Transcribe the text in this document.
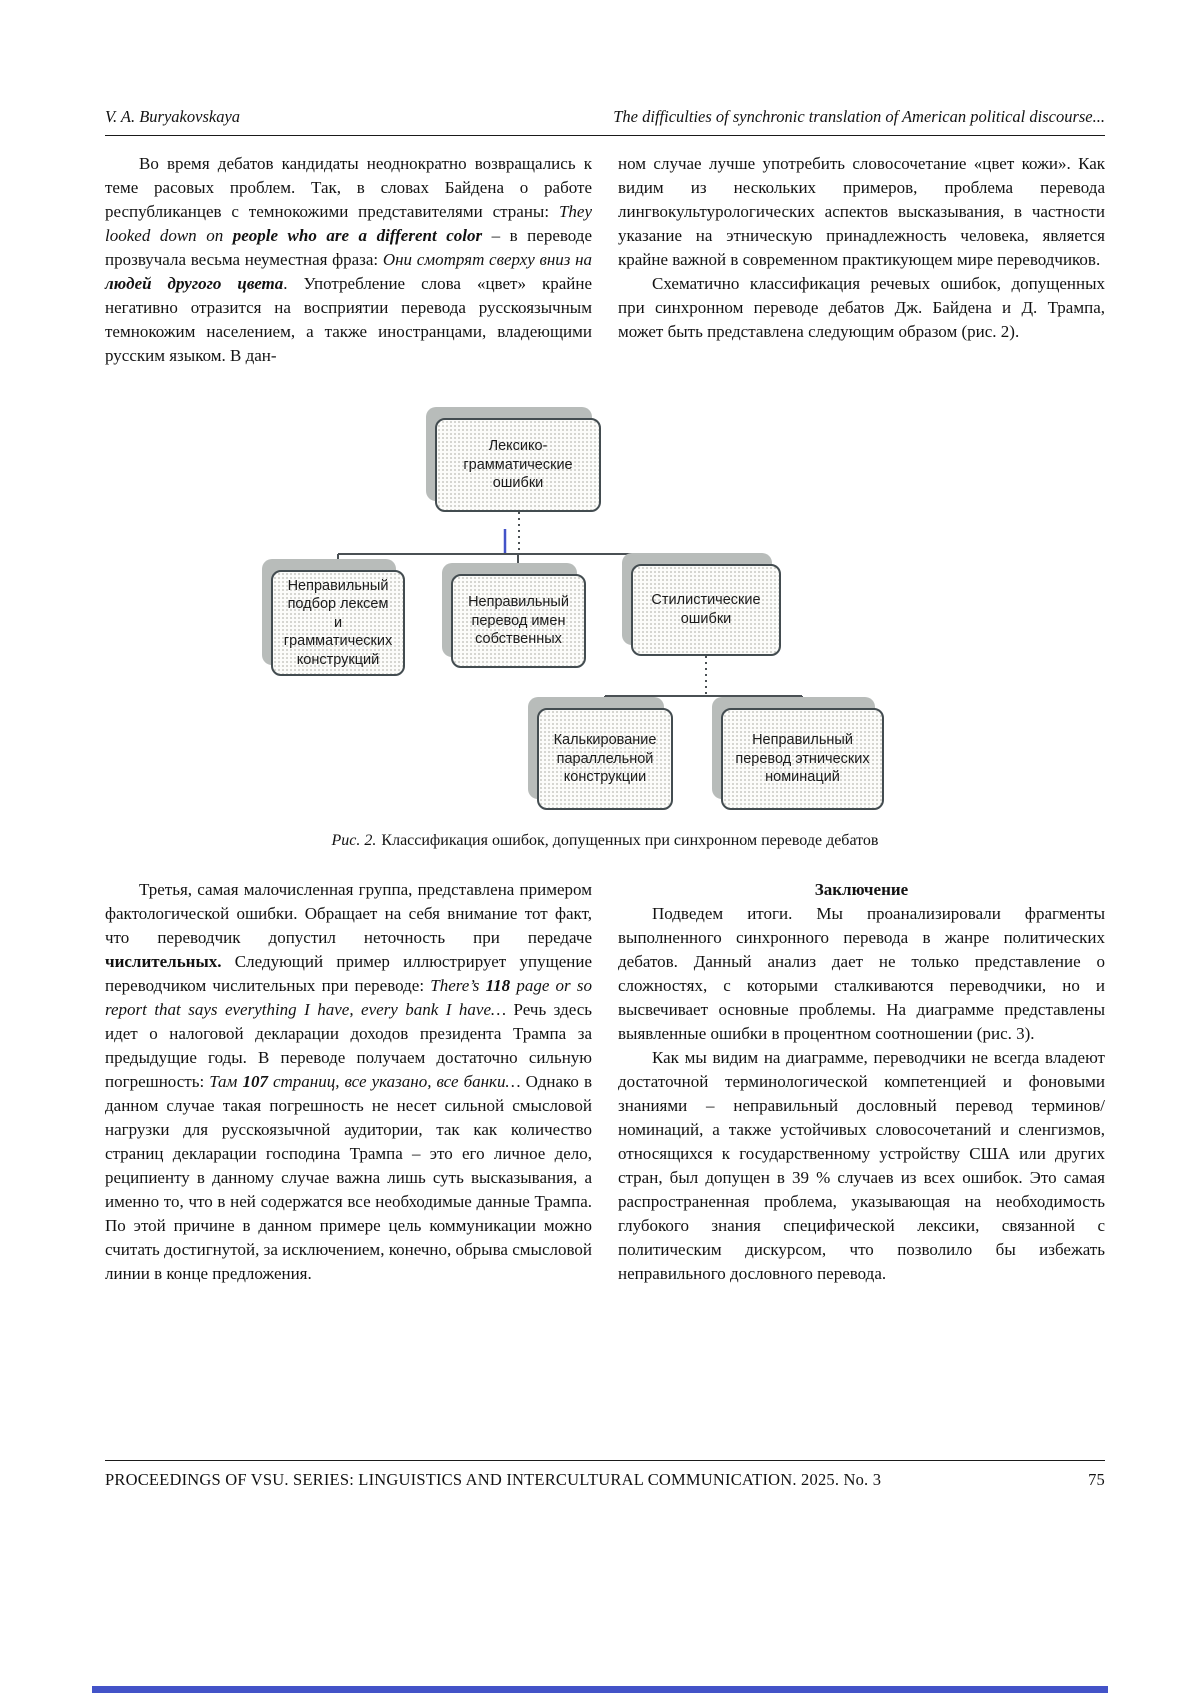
V. A. Buryakovskaya	The difficulties of synchronic translation of American political discourse...

Во время дебатов кандидаты неоднократно возвращались к теме расовых проблем. Так, в словах Байдена о работе республиканцев с темнокожими представителями страны: They looked down on people who are a different color – в переводе прозвучала весьма неуместная фраза: Они смотрят сверху вниз на людей другого цвета. Употребление слова «цвет» крайне негативно отразится на восприятии перевода русскоязычным темнокожим населением, а также иностранцами, владеющими русским языком. В дан-

ном случае лучше употребить словосочетание «цвет кожи». Как видим из нескольких примеров, проблема перевода лингвокультурологических аспектов высказывания, в частности указание на этническую принадлежность человека, является крайне важной в современном практикующем мире переводчиков.

Схематично классификация речевых ошибок, допущенных при синхронном переводе дебатов Дж. Байдена и Д. Трампа, может быть представлена следующим образом (рис. 2).

Лексико-грамматические ошибки
Неправильный подбор лексем и грамматических конструкций
Неправильный перевод имен собственных
Стилистические ошибки
Калькирование параллельной конструкции
Неправильный перевод этнических номинаций
Рис. 2. Классификация ошибок, допущенных при синхронном переводе дебатов

Третья, самая малочисленная группа, представлена примером фактологической ошибки. Обращает на себя внимание тот факт, что переводчик допустил неточность при передаче числительных. Следующий пример иллюстрирует упущение переводчиком числительных при переводе: There’s 118 page or so report that says everything I have, every bank I have… Речь здесь идет о налоговой декларации доходов президента Трампа за предыдущие годы. В переводе получаем достаточно сильную погрешность: Там 107 страниц, все указано, все банки… Однако в данном случае такая погрешность не несет сильной смысловой нагрузки для русскоязычной аудитории, так как количество страниц декларации господина Трампа – это его личное дело, реципиенту в данному случае важна лишь суть высказывания, а именно то, что в ней содержатся все необходимые данные Трампа. По этой причине в данном примере цель коммуникации можно считать достигнутой, за исключением, конечно, обрыва смысловой линии в конце предложения.

Заключение

Подведем итоги. Мы проанализировали фрагменты выполненного синхронного перевода в жанре политических дебатов. Данный анализ дает не только представление о сложностях, с которыми сталкиваются переводчики, но и высвечивает основные проблемы. На диаграмме представлены выявленные ошибки в процентном соотношении (рис. 3).

Как мы видим на диаграмме, переводчики не всегда владеют достаточной терминологической компетенцией и фоновыми знаниями – неправильный дословный перевод терминов/номинаций, а также устойчивых словосочетаний и сленгизмов, относящихся к государственному устройству США или других стран, был допущен в 39 % случаев из всех ошибок. Это самая распространенная проблема, указывающая на необходимость глубокого знания специфической лексики, связанной с политическим дискурсом, что позволило бы избежать неправильного дословного перевода.

PROCEEDINGS OF VSU. SERIES: LINGUISTICS AND INTERCULTURAL COMMUNICATION. 2025. No. 3	75
